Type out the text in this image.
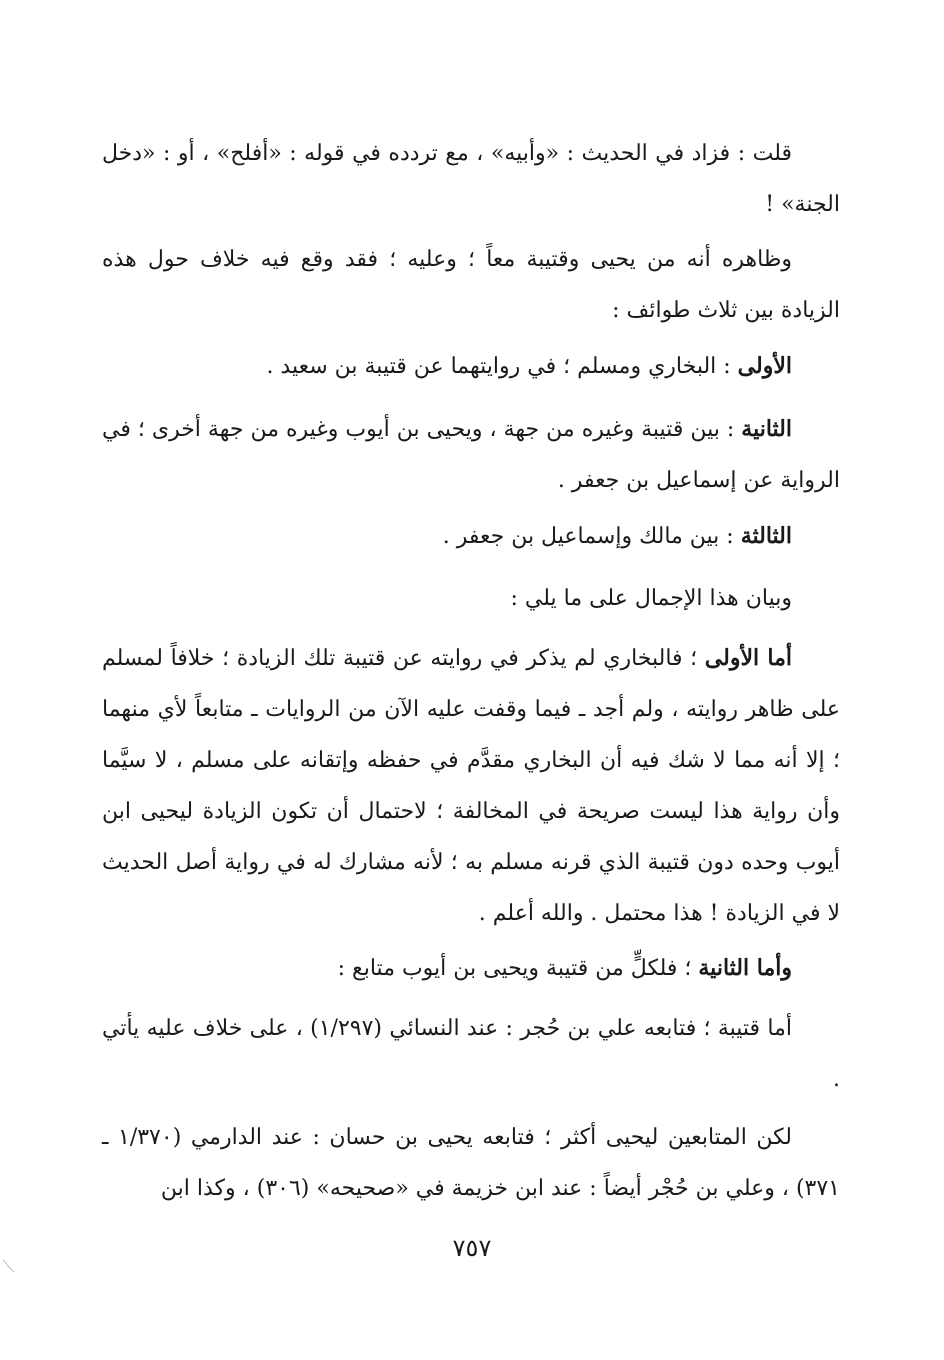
قلت : فزاد في الحديث : «وأبيه» ، مع تردده في قوله : «أفلح» ، أو : «دخل الجنة» !

وظاهره أنه من يحيى وقتيبة معاً ؛ وعليه ؛ فقد وقع فيه خلاف حول هذه الزيادة بين ثلاث طوائف :

الأولى : البخاري ومسلم ؛ في روايتهما عن قتيبة بن سعيد .

الثانية : بين قتيبة وغيره من جهة ، ويحيى بن أيوب وغيره من جهة أخرى ؛ في الرواية عن إسماعيل بن جعفر .

الثالثة : بين مالك وإسماعيل بن جعفر .

وبيان هذا الإجمال على ما يلي :

أما الأولى ؛ فالبخاري لم يذكر في روايته عن قتيبة تلك الزيادة ؛ خلافاً لمسلم على ظاهر روايته ، ولم أجد ـ فيما وقفت عليه الآن من الروايات ـ متابعاً لأي منهما ؛ إلا أنه مما لا شك فيه أن البخاري مقدَّم في حفظه وإتقانه على مسلم ، لا سيَّما وأن رواية هذا ليست صريحة في المخالفة ؛ لاحتمال أن تكون الزيادة ليحيى ابن أيوب وحده دون قتيبة الذي قرنه مسلم به ؛ لأنه مشارك له في رواية أصل الحديث لا في الزيادة ! هذا محتمل . والله أعلم .

وأما الثانية ؛ فلكلٍّ من قتيبة ويحيى بن أيوب متابع :

أما قتيبة ؛ فتابعه علي بن حُجر : عند النسائي (١/٢٩٧) ، على خلاف عليه يأتي .

لكن المتابعين ليحيى أكثر ؛ فتابعه يحيى بن حسان : عند الدارمي (١/٣٧٠ ـ ٣٧١) ، وعلي بن حُجْر أيضاً : عند ابن خزيمة في «صحيحه» (٣٠٦) ، وكذا ابن

٧٥٧
